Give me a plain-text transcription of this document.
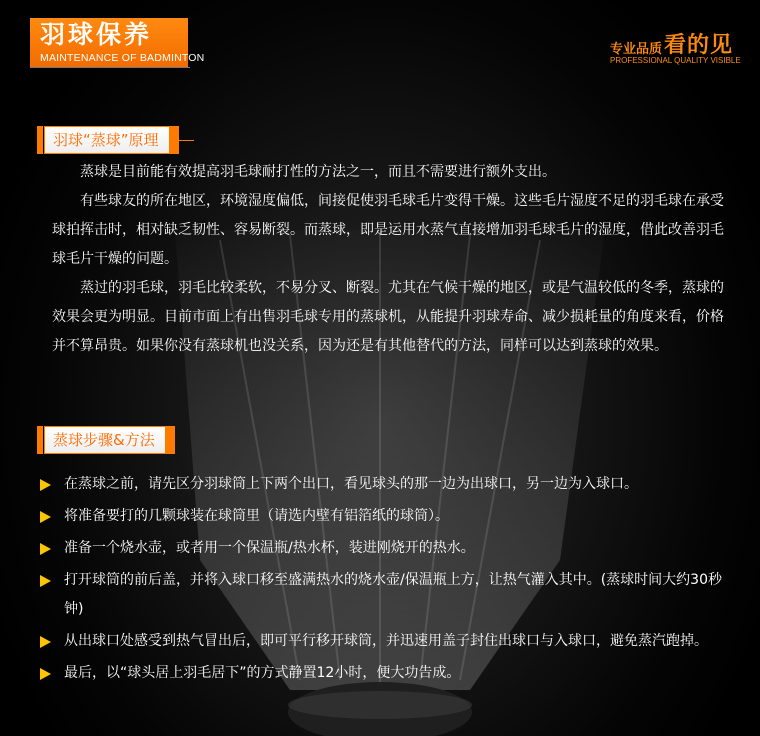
羽球保养
MAINTENANCE OF BADMINTON
专业品质 看的见
PROFESSIONAL QUALITY VISIBLE
羽球“蒸球”原理

蒸球是目前能有效提高羽毛球耐打性的方法之一，而且不需要进行额外支出。

有些球友的所在地区，环境湿度偏低，间接促使羽毛球毛片变得干燥。这些毛片湿度不足的羽毛球在承受球拍挥击时，相对缺乏韧性、容易断裂。而蒸球，即是运用水蒸气直接增加羽毛球毛片的湿度，借此改善羽毛球毛片干燥的问题。

蒸过的羽毛球，羽毛比较柔软，不易分叉、断裂。尤其在气候干燥的地区，或是气温较低的冬季，蒸球的效果会更为明显。目前市面上有出售羽毛球专用的蒸球机，从能提升羽球寿命、减少损耗量的角度来看，价格并不算昂贵。如果你没有蒸球机也没关系，因为还是有其他替代的方法，同样可以达到蒸球的效果。

蒸球步骤&方法
在蒸球之前，请先区分羽球筒上下两个出口，看见球头的那一边为出球口，另一边为入球口。
将准备要打的几颗球装在球筒里（请选内壁有铝箔纸的球筒）。
准备一个烧水壶，或者用一个保温瓶/热水杯，装进刚烧开的热水。
打开球筒的前后盖，并将入球口移至盛满热水的烧水壶/保温瓶上方，让热气灌入其中。(蒸球时间大约30秒钟)
从出球口处感受到热气冒出后，即可平行移开球筒，并迅速用盖子封住出球口与入球口，避免蒸汽跑掉。
最后，以“球头居上羽毛居下”的方式静置12小时，便大功告成。
